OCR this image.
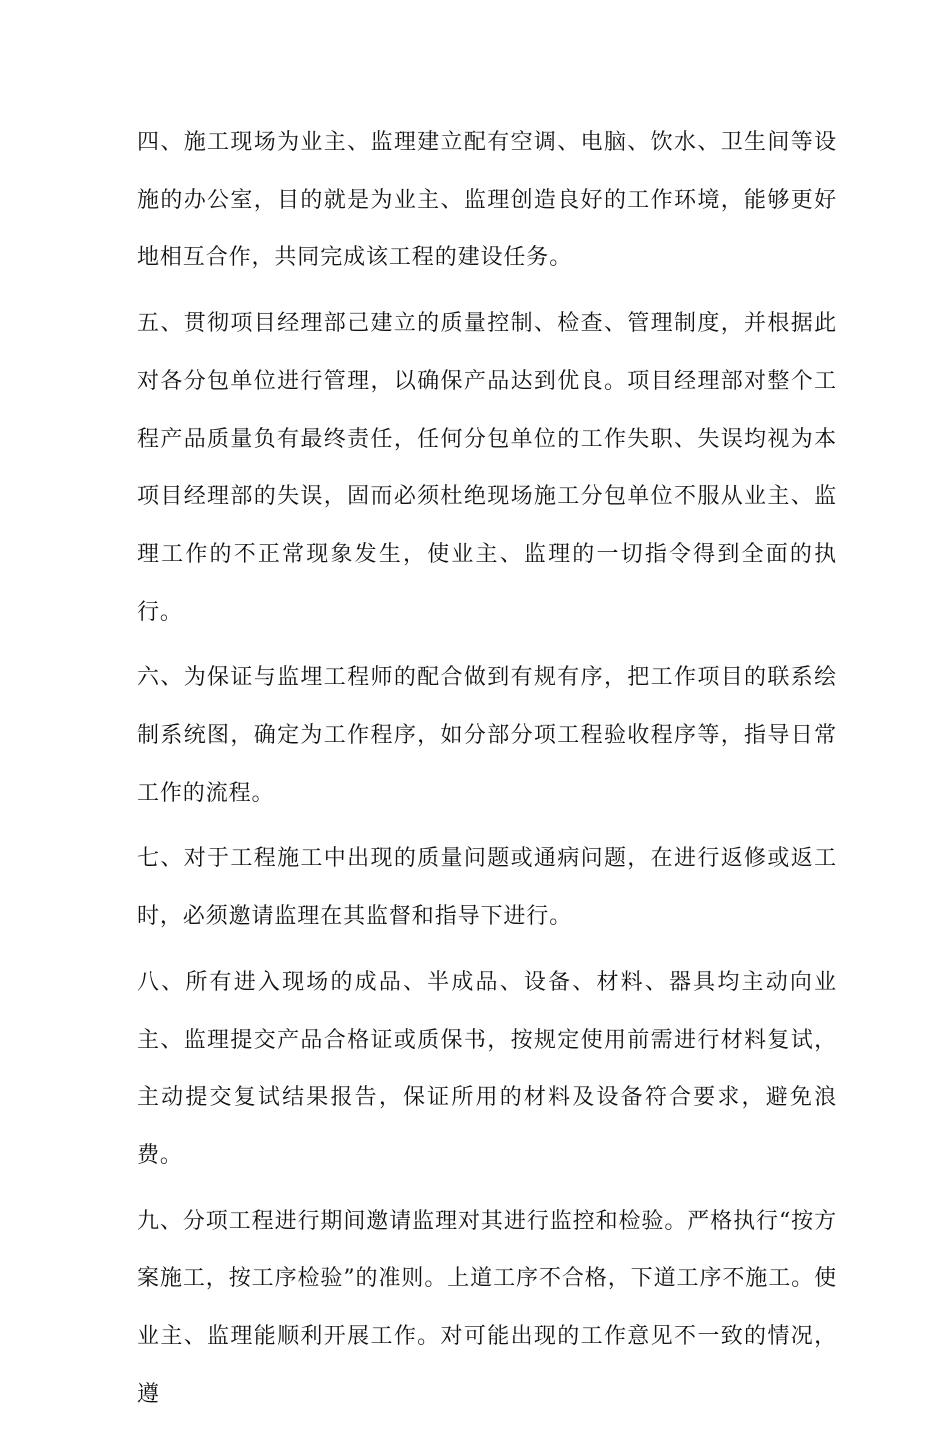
四、施工现场为业主、监理建立配有空调、电脑、饮水、卫生间等设施的办公室，目的就是为业主、监理创造良好的工作环境，能够更好地相互合作，共同完成该工程的建设任务。

五、贯彻项目经理部己建立的质量控制、检查、管理制度，并根据此对各分包单位进行管理，以确保产品达到优良。项目经理部对整个工程产品质量负有最终责任，任何分包单位的工作失职、失误均视为本项目经理部的失误，固而必须杜绝现场施工分包单位不服从业主、监理工作的不正常现象发生，使业主、监理的一切指令得到全面的执行。

六、为保证与监埋工程师的配合做到有规有序，把工作项目的联系绘制系统图，确定为工作程序，如分部分项工程验收程序等，指导日常工作的流程。

七、对于工程施工中出现的质量问题或通病问题，在进行返修或返工时，必须邀请监理在其监督和指导下进行。

八、所有进入现场的成品、半成品、设备、材料、器具均主动向业主、监理提交产品合格证或质保书，按规定使用前需进行材料复试，主动提交复试结果报告，保证所用的材料及设备符合要求，避免浪费。

九、分项工程进行期间邀请监理对其进行监控和检验。严格执行“按方案施工，按工序检验”的准则。上道工序不合格，下道工序不施工。使业主、监理能顺利开展工作。对可能出现的工作意见不一致的情况，遵
